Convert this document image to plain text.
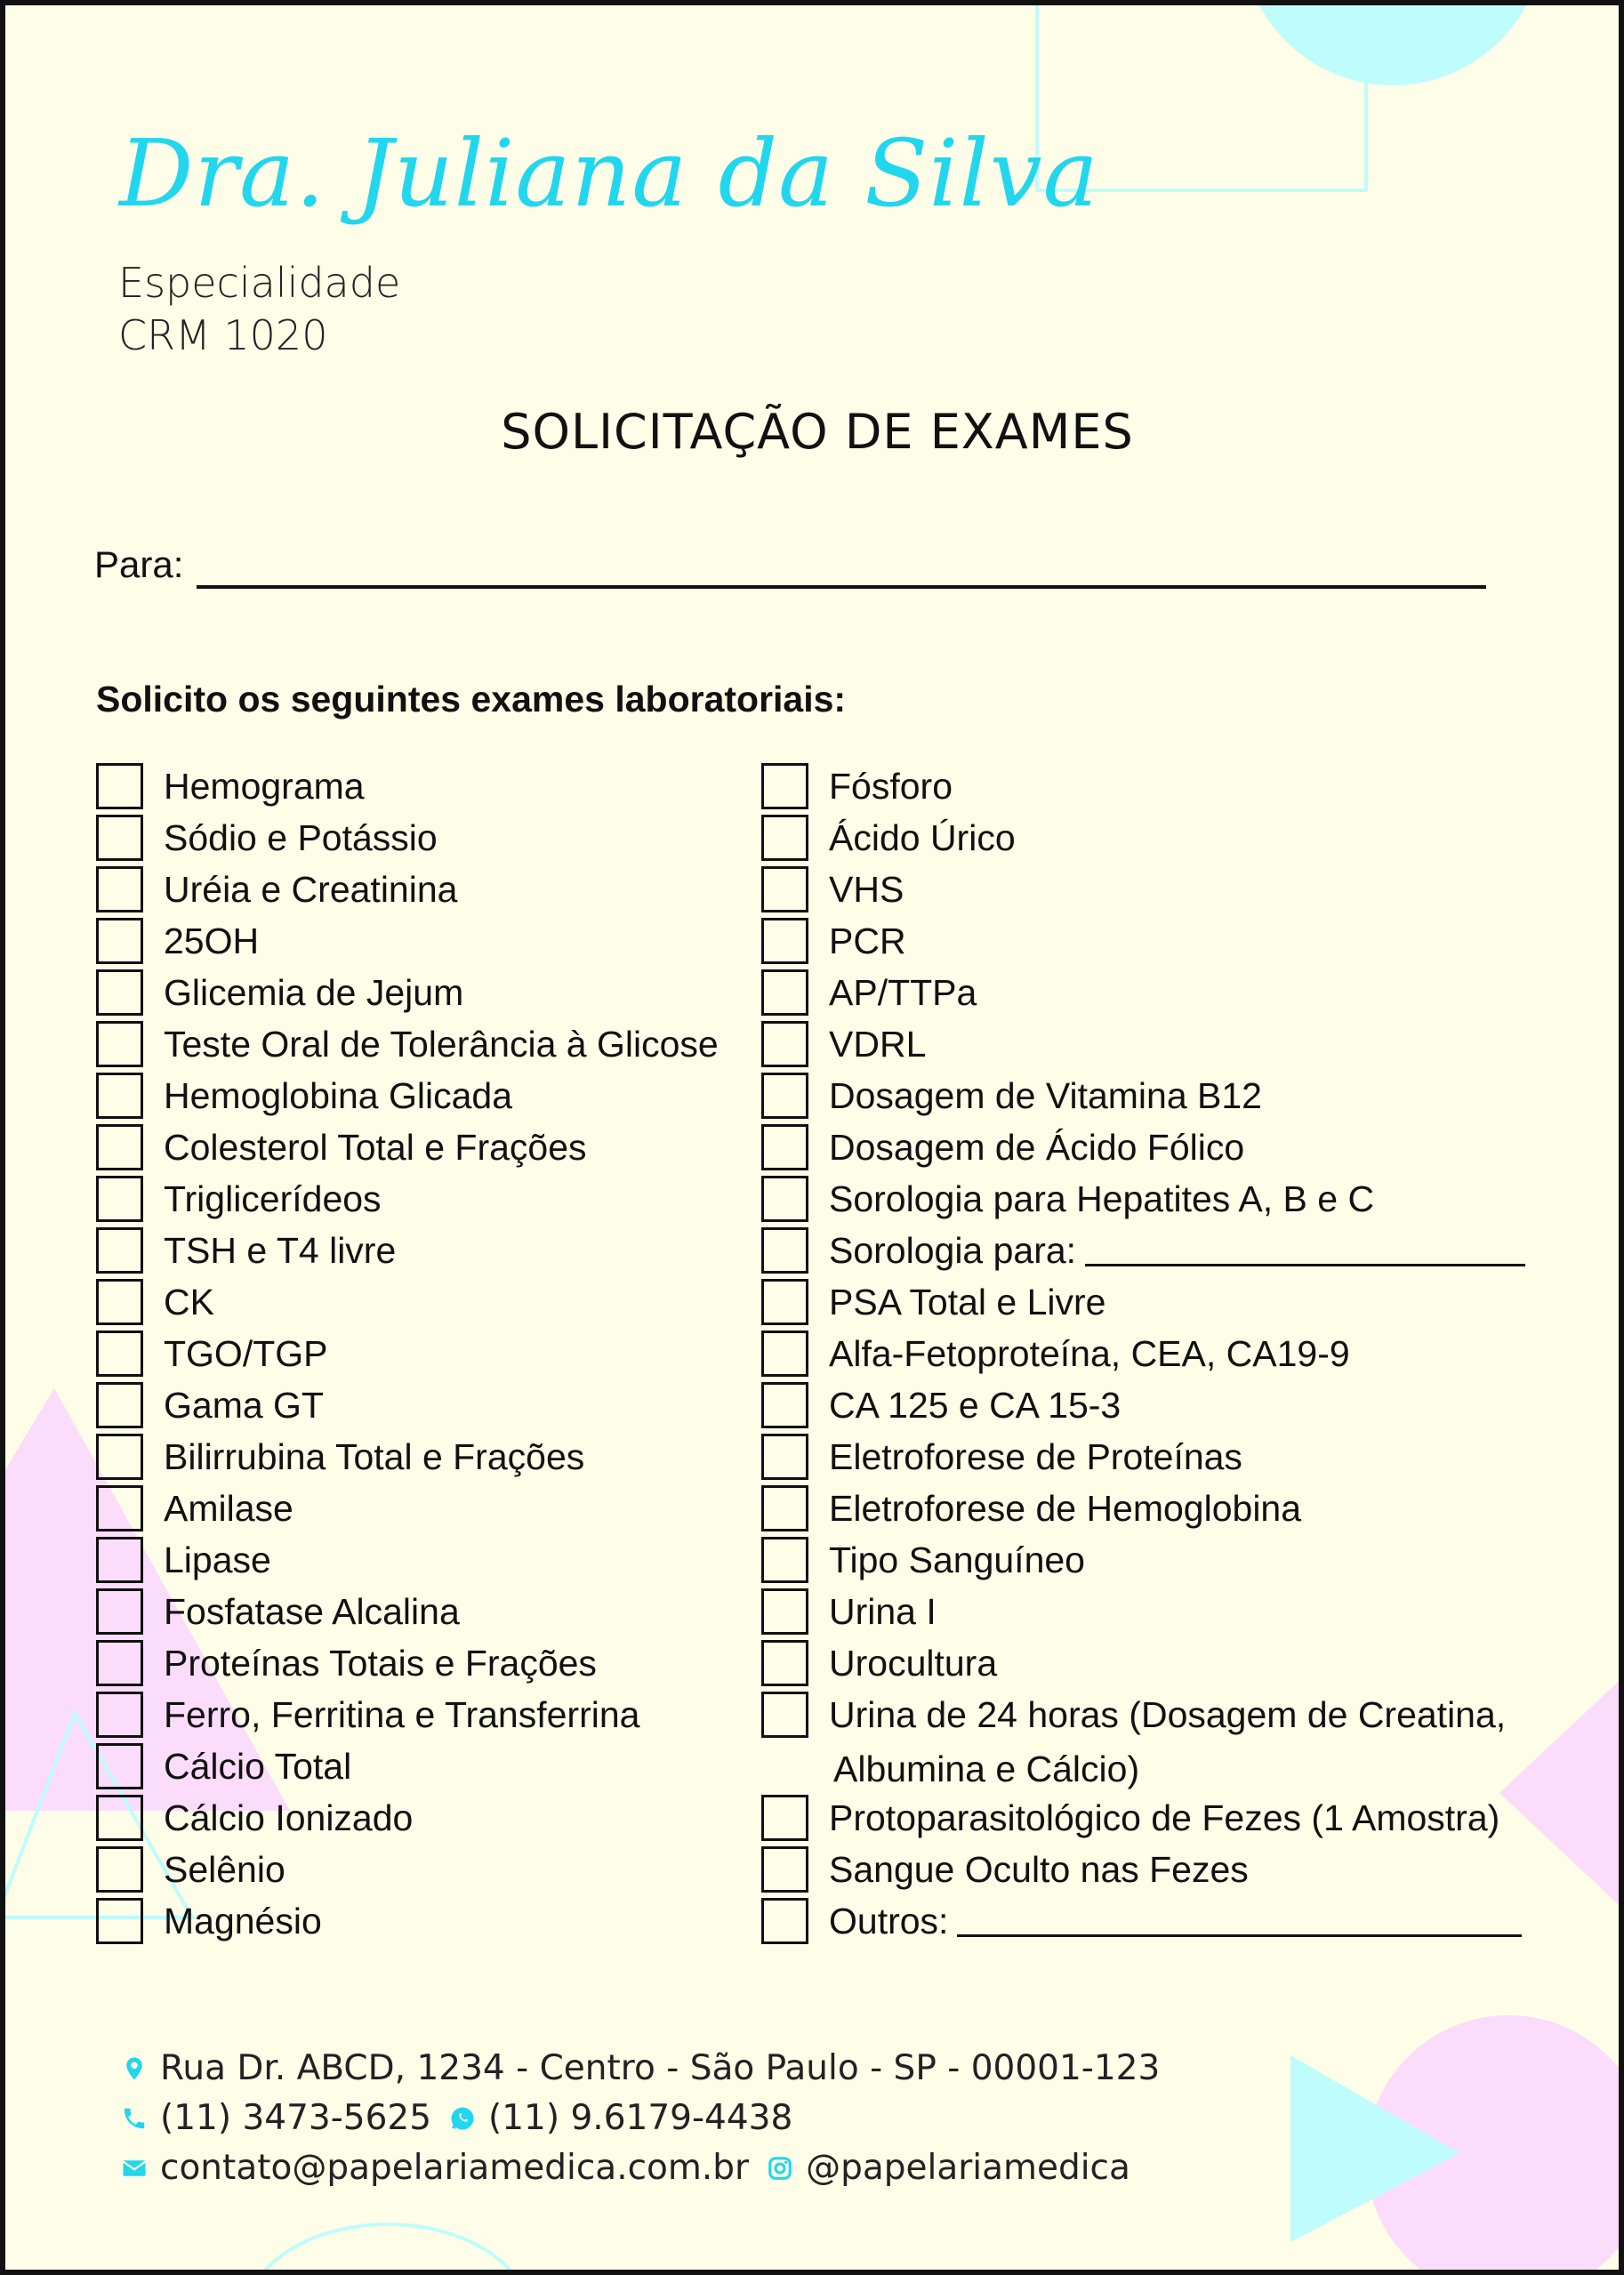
Dra. Juliana da Silva
Especialidade
CRM 1020
SOLICITAÇÃO DE EXAMES
Para:
Solicito os seguintes exames laboratoriais:
Hemograma
Sódio e Potássio
Uréia e Creatinina
25OH
Glicemia de Jejum
Teste Oral de Tolerância à Glicose
Hemoglobina Glicada
Colesterol Total e Frações
Triglicerídeos
TSH e T4 livre
CK
TGO/TGP
Gama GT
Bilirrubina Total e Frações
Amilase
Lipase
Fosfatase Alcalina
Proteínas Totais e Frações
Ferro, Ferritina e Transferrina
Cálcio Total
Cálcio Ionizado
Selênio
Magnésio
Fósforo
Ácido Úrico
VHS
PCR
AP/TTPa
VDRL
Dosagem de Vitamina B12
Dosagem de Ácido Fólico
Sorologia para Hepatites A, B e C
Sorologia para:
PSA Total e Livre
Alfa-Fetoproteína, CEA, CA19-9
CA 125 e CA 15-3
Eletroforese de Proteínas
Eletroforese de Hemoglobina
Tipo Sanguíneo
Urina I
Urocultura
Urina de 24 horas (Dosagem de Creatina,
Albumina e Cálcio)
Protoparasitológico de Fezes (1 Amostra)
Sangue Oculto nas Fezes
Outros:
Rua Dr. ABCD, 1234 - Centro - São Paulo - SP - 00001-123
(11) 3473-5625 (11) 9.6179-4438
contato@papelariamedica.com.br @papelariamedica
